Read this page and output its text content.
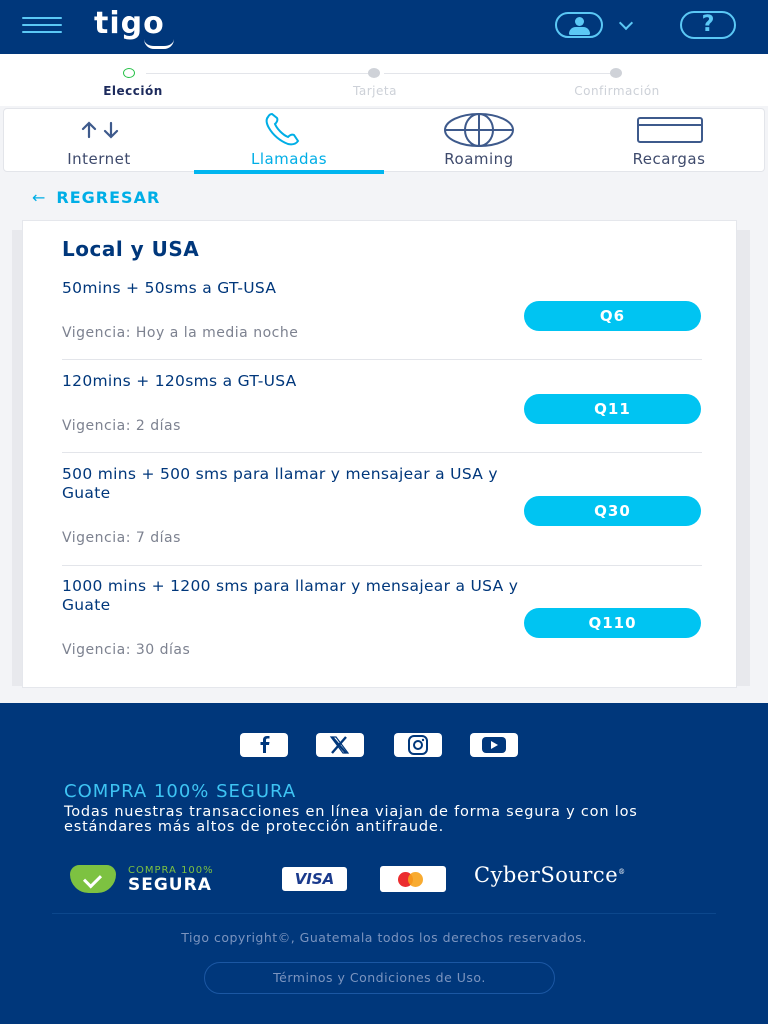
tigo	?
Elección	Tarjeta	Confirmación
Internet	Llamadas	Roaming	Recargas
← REGRESAR
Local y USA
50mins + 50sms a GT-USA
Q6
Vigencia: Hoy a la media noche
120mins + 120sms a GT-USA
Q11
Vigencia: 2 días
500 mins + 500 sms para llamar y mensajear a USA y Guate
Q30
Vigencia: 7 días
1000 mins + 1200 sms para llamar y mensajear a USA y Guate
Q110
Vigencia: 30 días
COMPRA 100% SEGURA
Todas nuestras transacciones en línea viajan de forma segura y con los estándares más altos de protección antifraude.
COMPRA 100%
SEGURA	VISA	CyberSource®
Tigo copyright©, Guatemala todos los derechos reservados.
Términos y Condiciones de Uso.
